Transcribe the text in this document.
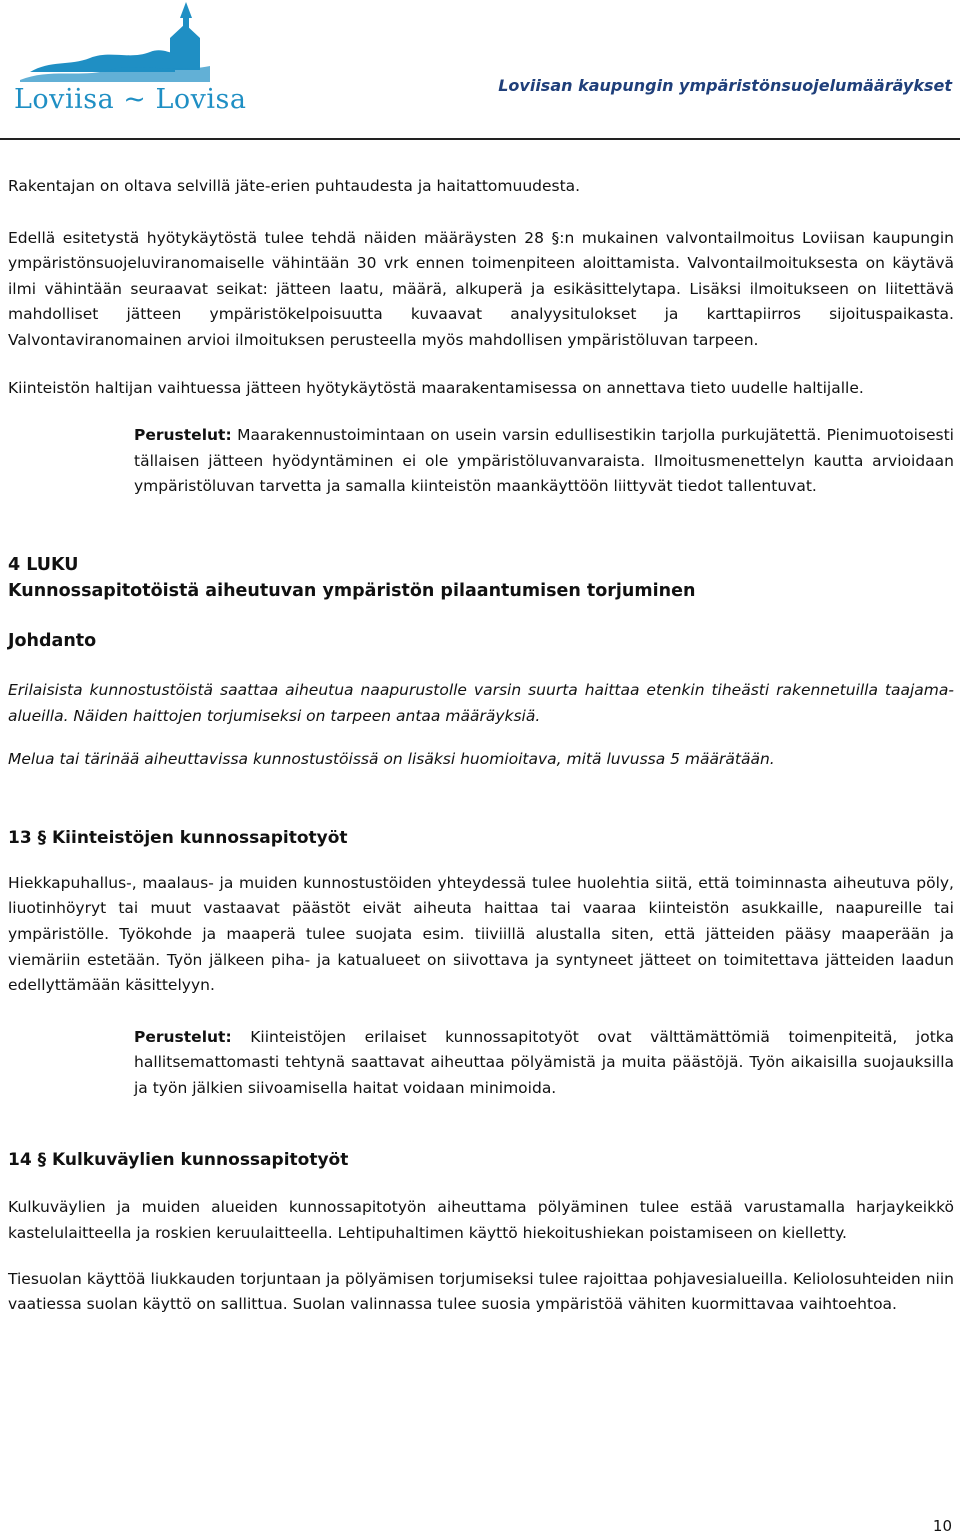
Loviisa ~ Lovisa	Loviisan kaupungin ympäristönsuojelumääräykset

Rakentajan on oltava selvillä jäte-erien puhtaudesta ja haitattomuudesta.

Edellä esitetystä hyötykäytöstä tulee tehdä näiden määräysten 28 §:n mukainen valvontailmoitus Loviisan kaupungin ympäristönsuojeluviranomaiselle vähintään 30 vrk ennen toimenpiteen aloittamista. Valvontailmoituksesta on käytävä ilmi vähintään seuraavat seikat: jätteen laatu, määrä, alkuperä ja esikäsittelytapa. Lisäksi ilmoitukseen on liitettävä mahdolliset jätteen ympäristökelpoisuutta kuvaavat analyysitulokset ja karttapiirros sijoituspaikasta. Valvontaviranomainen arvioi ilmoituksen perusteella myös mahdollisen ympäristöluvan tarpeen.

Kiinteistön haltijan vaihtuessa jätteen hyötykäytöstä maarakentamisessa on annettava tieto uudelle haltijalle.

Perustelut: Maarakennustoimintaan on usein varsin edullisestikin tarjolla purkujätettä. Pienimuotoisesti tällaisen jätteen hyödyntäminen ei ole ympäristöluvanvaraista. Ilmoitusmenettelyn kautta arvioidaan ympäristöluvan tarvetta ja samalla kiinteistön maankäyttöön liittyvät tiedot tallentuvat.

4 LUKU
Kunnossapitotöistä aiheutuvan ympäristön pilaantumisen torjuminen
Johdanto

Erilaisista kunnostustöistä saattaa aiheutua naapurustolle varsin suurta haittaa etenkin tiheästi rakennetuilla taajama-alueilla. Näiden haittojen torjumiseksi on tarpeen antaa määräyksiä.

Melua tai tärinää aiheuttavissa kunnostustöissä on lisäksi huomioitava, mitä luvussa 5 määrätään.

13 § Kiinteistöjen kunnossapitotyöt

Hiekkapuhallus-, maalaus- ja muiden kunnostustöiden yhteydessä tulee huolehtia siitä, että toiminnasta aiheutuva pöly, liuotinhöyryt tai muut vastaavat päästöt eivät aiheuta haittaa tai vaaraa kiinteistön asukkaille, naapureille tai ympäristölle. Työkohde ja maaperä tulee suojata esim. tiiviillä alustalla siten, että jätteiden pääsy maaperään ja viemäriin estetään. Työn jälkeen piha- ja katualueet on siivottava ja syntyneet jätteet on toimitettava jätteiden laadun edellyttämään käsittelyyn.

Perustelut: Kiinteistöjen erilaiset kunnossapitotyöt ovat välttämättömiä toimenpiteitä, jotka hallitsemattomasti tehtynä saattavat aiheuttaa pölyämistä ja muita päästöjä. Työn aikaisilla suojauksilla ja työn jälkien siivoamisella haitat voidaan minimoida.

14 § Kulkuväylien kunnossapitotyöt

Kulkuväylien ja muiden alueiden kunnossapitotyön aiheuttama pölyäminen tulee estää varustamalla harjaykeikkö kastelulaitteella ja roskien keruulaitteella. Lehtipuhaltimen käyttö hiekoitushiekan poistamiseen on kielletty.

Tiesuolan käyttöä liukkauden torjuntaan ja pölyämisen torjumiseksi tulee rajoittaa pohjavesialueilla. Keliolosuhteiden niin vaatiessa suolan käyttö on sallittua. Suolan valinnassa tulee suosia ympäristöä vähiten kuormittavaa vaihtoehtoa.

10
